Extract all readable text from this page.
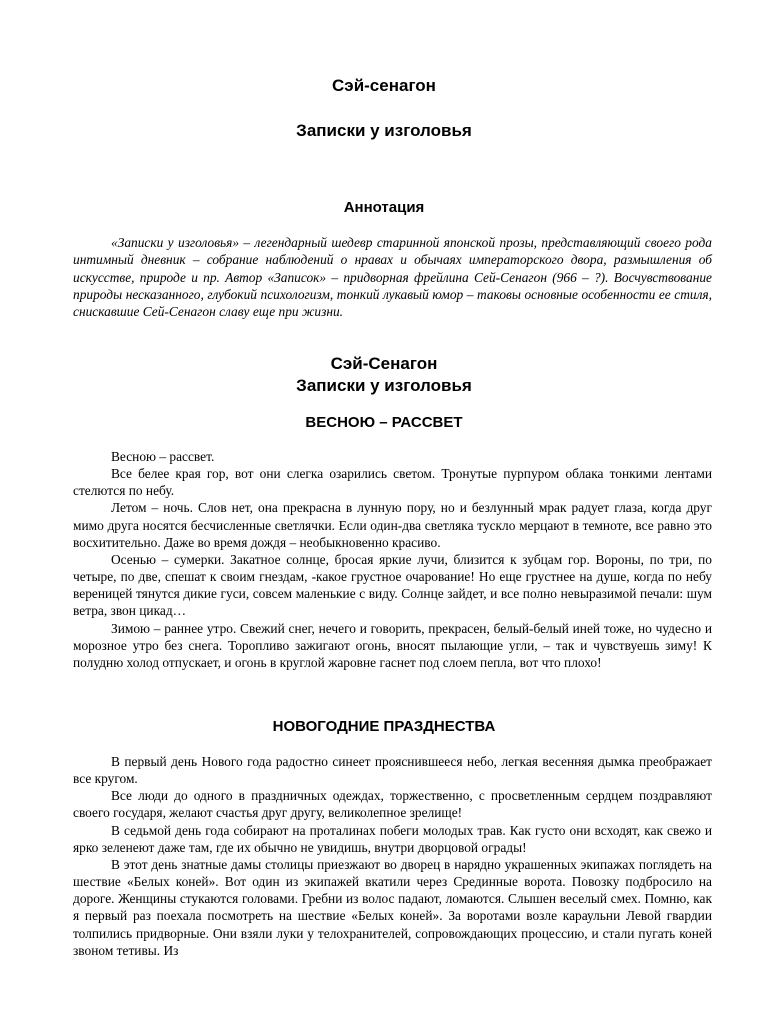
Сэй-сенагон
Записки у изголовья
Аннотация

«Записки у изголовья» – легендарный шедевр старинной японской прозы, представляющий своего рода интимный дневник – собрание наблюдений о нравах и обычаях императорского двора, размышления об искусстве, природе и пр. Автор «Записок» – придворная фрейлина Сей-Сенагон (966 – ?). Восчувствование природы несказанного, глубокий психологизм, тонкий лукавый юмор – таковы основные особенности ее стиля, снискавшие Сей-Сенагон славу еще при жизни.

Сэй-Сенагон
Записки у изголовья
ВЕСНОЮ – РАССВЕТ

Весною – рассвет.

Все белее края гор, вот они слегка озарились светом. Тронутые пурпуром облака тонкими лентами стелются по небу.

Летом – ночь. Слов нет, она прекрасна в лунную пору, но и безлунный мрак радует глаза, когда друг мимо друга носятся бесчисленные светлячки. Если один-два светляка тускло мерцают в темноте, все равно это восхитительно. Даже во время дождя – необыкновенно красиво.

Осенью – сумерки. Закатное солнце, бросая яркие лучи, близится к зубцам гор. Вороны, по три, по четыре, по две, спешат к своим гнездам, -какое грустное очарование! Но еще грустнее на душе, когда по небу вереницей тянутся дикие гуси, совсем маленькие с виду. Солнце зайдет, и все полно невыразимой печали: шум ветра, звон цикад…

Зимою – раннее утро. Свежий снег, нечего и говорить, прекрасен, белый-белый иней тоже, но чудесно и морозное утро без снега. Торопливо зажигают огонь, вносят пылающие угли, – так и чувствуешь зиму! К полудню холод отпускает, и огонь в круглой жаровне гаснет под слоем пепла, вот что плохо!

НОВОГОДНИЕ ПРАЗДНЕСТВА

В первый день Нового года радостно синеет прояснившееся небо, легкая весенняя дымка преображает все кругом.

Все люди до одного в праздничных одеждах, торжественно, с просветленным сердцем поздравляют своего государя, желают счастья друг другу, великолепное зрелище!

В седьмой день года собирают на проталинах побеги молодых трав. Как густо они всходят, как свежо и ярко зеленеют даже там, где их обычно не увидишь, внутри дворцовой ограды!

В этот день знатные дамы столицы приезжают во дворец в нарядно украшенных экипажах поглядеть на шествие «Белых коней». Вот один из экипажей вкатили через Срединные ворота. Повозку подбросило на дороге. Женщины стукаются головами. Гребни из волос падают, ломаются. Слышен веселый смех. Помню, как я первый раз поехала посмотреть на шествие «Белых коней». За воротами возле караульни Левой гвардии толпились придворные. Они взяли луки у телохранителей, сопровождающих процессию, и стали пугать коней звоном тетивы. Из
